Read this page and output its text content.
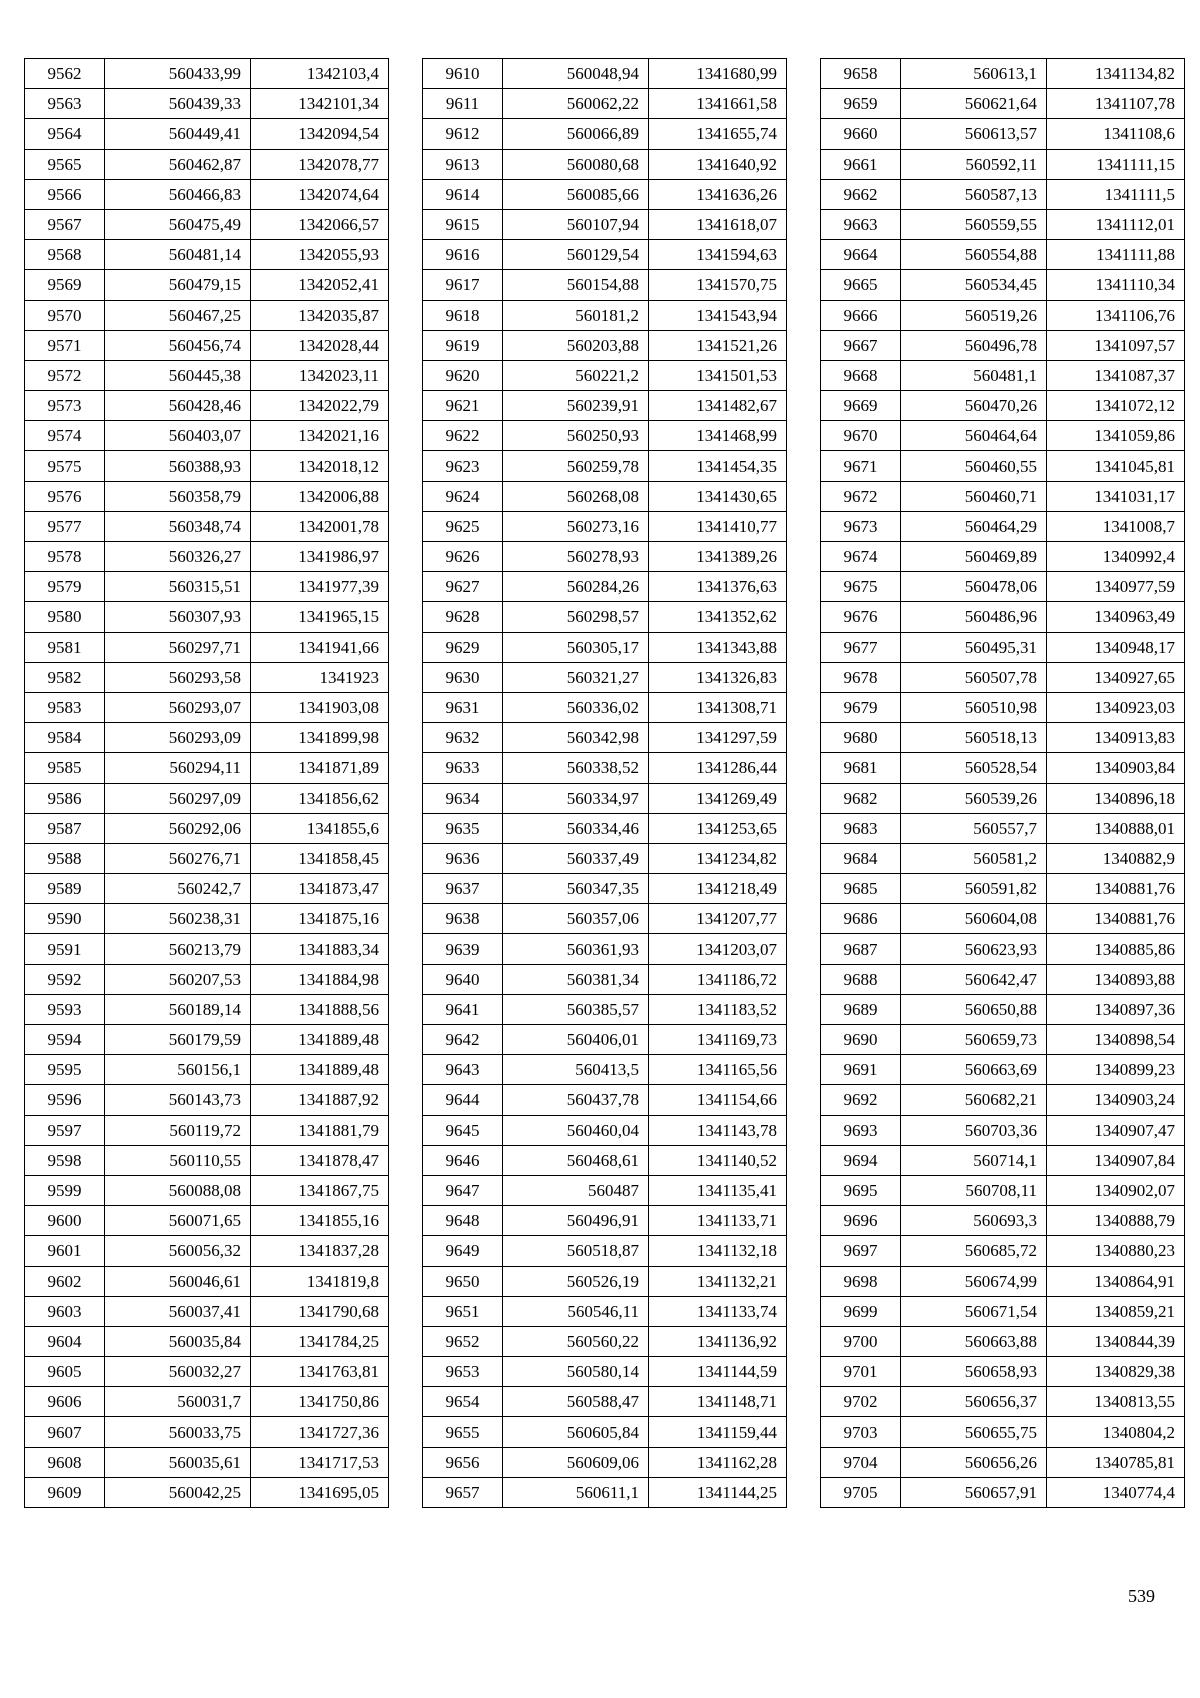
9562	560433,99	1342103,4
9563	560439,33	1342101,34
9564	560449,41	1342094,54
9565	560462,87	1342078,77
9566	560466,83	1342074,64
9567	560475,49	1342066,57
9568	560481,14	1342055,93
9569	560479,15	1342052,41
9570	560467,25	1342035,87
9571	560456,74	1342028,44
9572	560445,38	1342023,11
9573	560428,46	1342022,79
9574	560403,07	1342021,16
9575	560388,93	1342018,12
9576	560358,79	1342006,88
9577	560348,74	1342001,78
9578	560326,27	1341986,97
9579	560315,51	1341977,39
9580	560307,93	1341965,15
9581	560297,71	1341941,66
9582	560293,58	1341923
9583	560293,07	1341903,08
9584	560293,09	1341899,98
9585	560294,11	1341871,89
9586	560297,09	1341856,62
9587	560292,06	1341855,6
9588	560276,71	1341858,45
9589	560242,7	1341873,47
9590	560238,31	1341875,16
9591	560213,79	1341883,34
9592	560207,53	1341884,98
9593	560189,14	1341888,56
9594	560179,59	1341889,48
9595	560156,1	1341889,48
9596	560143,73	1341887,92
9597	560119,72	1341881,79
9598	560110,55	1341878,47
9599	560088,08	1341867,75
9600	560071,65	1341855,16
9601	560056,32	1341837,28
9602	560046,61	1341819,8
9603	560037,41	1341790,68
9604	560035,84	1341784,25
9605	560032,27	1341763,81
9606	560031,7	1341750,86
9607	560033,75	1341727,36
9608	560035,61	1341717,53
9609	560042,25	1341695,05
9610	560048,94	1341680,99
9611	560062,22	1341661,58
9612	560066,89	1341655,74
9613	560080,68	1341640,92
9614	560085,66	1341636,26
9615	560107,94	1341618,07
9616	560129,54	1341594,63
9617	560154,88	1341570,75
9618	560181,2	1341543,94
9619	560203,88	1341521,26
9620	560221,2	1341501,53
9621	560239,91	1341482,67
9622	560250,93	1341468,99
9623	560259,78	1341454,35
9624	560268,08	1341430,65
9625	560273,16	1341410,77
9626	560278,93	1341389,26
9627	560284,26	1341376,63
9628	560298,57	1341352,62
9629	560305,17	1341343,88
9630	560321,27	1341326,83
9631	560336,02	1341308,71
9632	560342,98	1341297,59
9633	560338,52	1341286,44
9634	560334,97	1341269,49
9635	560334,46	1341253,65
9636	560337,49	1341234,82
9637	560347,35	1341218,49
9638	560357,06	1341207,77
9639	560361,93	1341203,07
9640	560381,34	1341186,72
9641	560385,57	1341183,52
9642	560406,01	1341169,73
9643	560413,5	1341165,56
9644	560437,78	1341154,66
9645	560460,04	1341143,78
9646	560468,61	1341140,52
9647	560487	1341135,41
9648	560496,91	1341133,71
9649	560518,87	1341132,18
9650	560526,19	1341132,21
9651	560546,11	1341133,74
9652	560560,22	1341136,92
9653	560580,14	1341144,59
9654	560588,47	1341148,71
9655	560605,84	1341159,44
9656	560609,06	1341162,28
9657	560611,1	1341144,25
9658	560613,1	1341134,82
9659	560621,64	1341107,78
9660	560613,57	1341108,6
9661	560592,11	1341111,15
9662	560587,13	1341111,5
9663	560559,55	1341112,01
9664	560554,88	1341111,88
9665	560534,45	1341110,34
9666	560519,26	1341106,76
9667	560496,78	1341097,57
9668	560481,1	1341087,37
9669	560470,26	1341072,12
9670	560464,64	1341059,86
9671	560460,55	1341045,81
9672	560460,71	1341031,17
9673	560464,29	1341008,7
9674	560469,89	1340992,4
9675	560478,06	1340977,59
9676	560486,96	1340963,49
9677	560495,31	1340948,17
9678	560507,78	1340927,65
9679	560510,98	1340923,03
9680	560518,13	1340913,83
9681	560528,54	1340903,84
9682	560539,26	1340896,18
9683	560557,7	1340888,01
9684	560581,2	1340882,9
9685	560591,82	1340881,76
9686	560604,08	1340881,76
9687	560623,93	1340885,86
9688	560642,47	1340893,88
9689	560650,88	1340897,36
9690	560659,73	1340898,54
9691	560663,69	1340899,23
9692	560682,21	1340903,24
9693	560703,36	1340907,47
9694	560714,1	1340907,84
9695	560708,11	1340902,07
9696	560693,3	1340888,79
9697	560685,72	1340880,23
9698	560674,99	1340864,91
9699	560671,54	1340859,21
9700	560663,88	1340844,39
9701	560658,93	1340829,38
9702	560656,37	1340813,55
9703	560655,75	1340804,2
9704	560656,26	1340785,81
9705	560657,91	1340774,4
539
